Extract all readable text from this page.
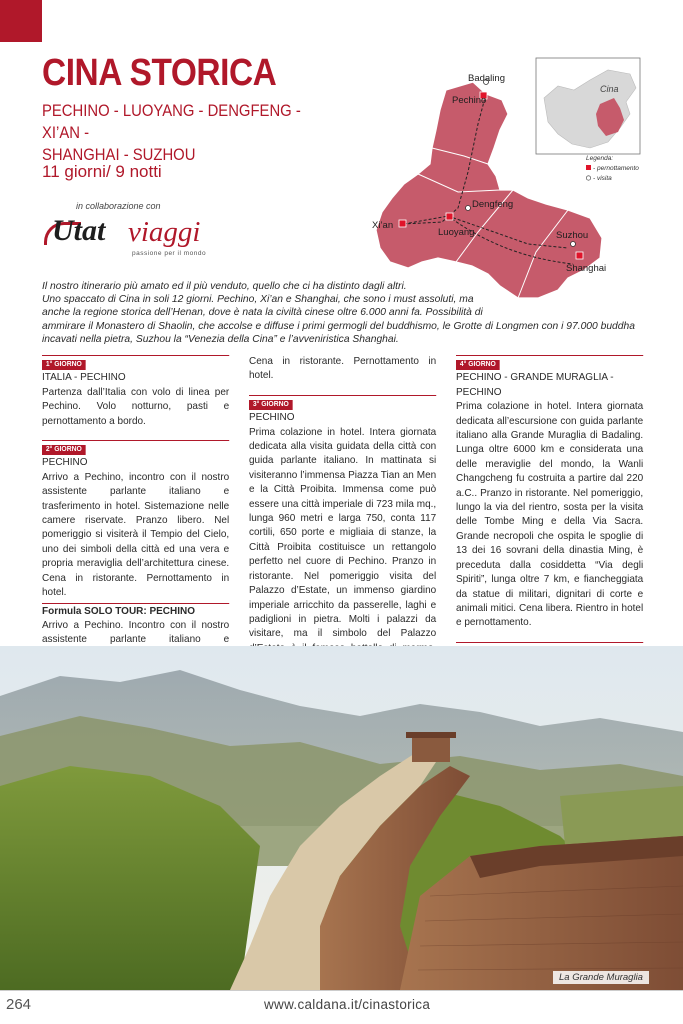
CINA STORICA
PECHINO - LUOYANG - DENGFENG - XI’AN -
SHANGHAI - SUZHOU
11 giorni/ 9 notti
in collaborazione con
Utat viaggi
passione per il mondo
Badaling
Pechino
Dengfeng
Xi’an
Luoyang	Suzhou
Shanghai
Cina
Legenda:
- pernottamento
- visita

Il nostro itinerario più amato ed il più venduto, quello che ci ha distinto dagli altri.

Uno spaccato di Cina in soli 12 giorni. Pechino, Xi’an e Shanghai, che sono i must assoluti, ma

anche la regione storica dell’Henan, dove è nata la civiltà cinese oltre 6.000 anni fa. Possibilità di

ammirare il Monastero di Shaolin, che accolse e diffuse i primi germogli del buddhismo, le Grotte di Longmen con i 97.000 buddha

incavati nella pietra, Suzhou la “Venezia della Cina” e l’avveniristica Shanghai.

1° GIORNO
ITALIA - PECHINO
Partenza dall’Italia con volo di linea per Pechino. Volo notturno, pasti e pernottamento a bordo.
2° GIORNO
PECHINO
Arrivo a Pechino, incontro con il nostro assistente parlante italiano e trasferimento in hotel. Sistemazione nelle camere riservate. Pranzo libero. Nel pomeriggio si visiterà il Tempio del Cielo, uno dei simboli della città ed una vera e propria meraviglia dell’architettura cinese. Cena in ristorante. Pernottamento in hotel.
Formula SOLO TOUR: PECHINO
Arrivo a Pechino. Incontro con il nostro assistente parlante italiano e
Cena in ristorante. Pernottamento in hotel.
3° GIORNO
PECHINO
Prima colazione in hotel. Intera giornata dedicata alla visita guidata della città con guida parlante italiano. In mattinata si visiteranno l’immensa Piazza Tian an Men e la Città Proibita. Immensa come può essere una città imperiale di 723 mila mq., lunga 960 metri e larga 750, conta 117 cortili, 650 porte e migliaia di stanze, la Città Proibita costituisce un rettangolo perfetto nel cuore di Pechino. Pranzo in ristorante. Nel pomeriggio visita del Palazzo d’Estate, un immenso giardino imperiale arricchito da passerelle, laghi e padiglioni in pietra. Molti i palazzi da visitare, ma il simbolo del Palazzo
4° GIORNO
PECHINO - GRANDE MURAGLIA - PECHINO
Prima colazione in hotel. Intera giornata dedicata all’escursione con guida parlante italiano alla Grande Muraglia di Badaling. Lunga oltre 6000 km e considerata una delle meraviglie del mondo, la Wanli Changcheng fu costruita a partire dal 220 a.C.. Pranzo in ristorante. Nel pomeriggio, lungo la via del rientro, sosta per la visita delle Tombe Ming e della Via Sacra. Grande necropoli che ospita le spoglie di 13 dei 16 sovrani della dinastia Ming, è preceduta dalla cosiddetta “Via degli Spiriti”, lunga oltre 7 km, e fiancheggiata da statue di militari, dignitari di corte e animali mitici. Cena libera. Rientro in hotel e pernottamento.
La Grande Muraglia
264	www.caldana.it/cinastorica
